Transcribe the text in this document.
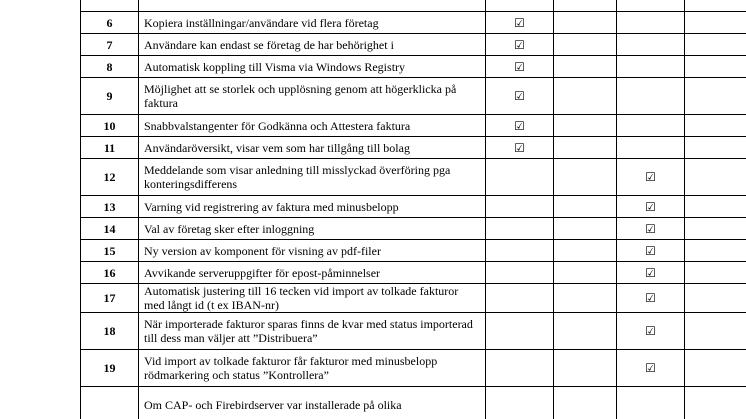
6	Kopiera inställningar/användare vid flera företag	☑			
7	Användare kan endast se företag de har behörighet i	☑			
8	Automatisk koppling till Visma via Windows Registry	☑			
9	Möjlighet att se storlek och upplösning genom att högerklicka på faktura	☑			
10	Snabbvalstangenter för Godkänna och Attestera faktura	☑			
11	Användaröversikt, visar vem som har tillgång till bolag	☑			
12	Meddelande som visar anledning till misslyckad överföring pga konteringsdifferens			☑	
13	Varning vid registrering av faktura med minusbelopp			☑	
14	Val av företag sker efter inloggning			☑	
15	Ny version av komponent för visning av pdf-filer			☑	
16	Avvikande serveruppgifter för epost-påminnelser			☑	
17	Automatisk justering till 16 tecken vid import av tolkade fakturor med långt id (t ex IBAN-nr)			☑	
18	När importerade fakturor sparas finns de kvar med status importerad till dess man väljer att ”Distribuera”			☑	
19	Vid import av tolkade fakturor får fakturor med minusbelopp rödmarkering och status ”Kontrollera”			☑	
	Om CAP- och Firebirdserver var installerade på olika				
